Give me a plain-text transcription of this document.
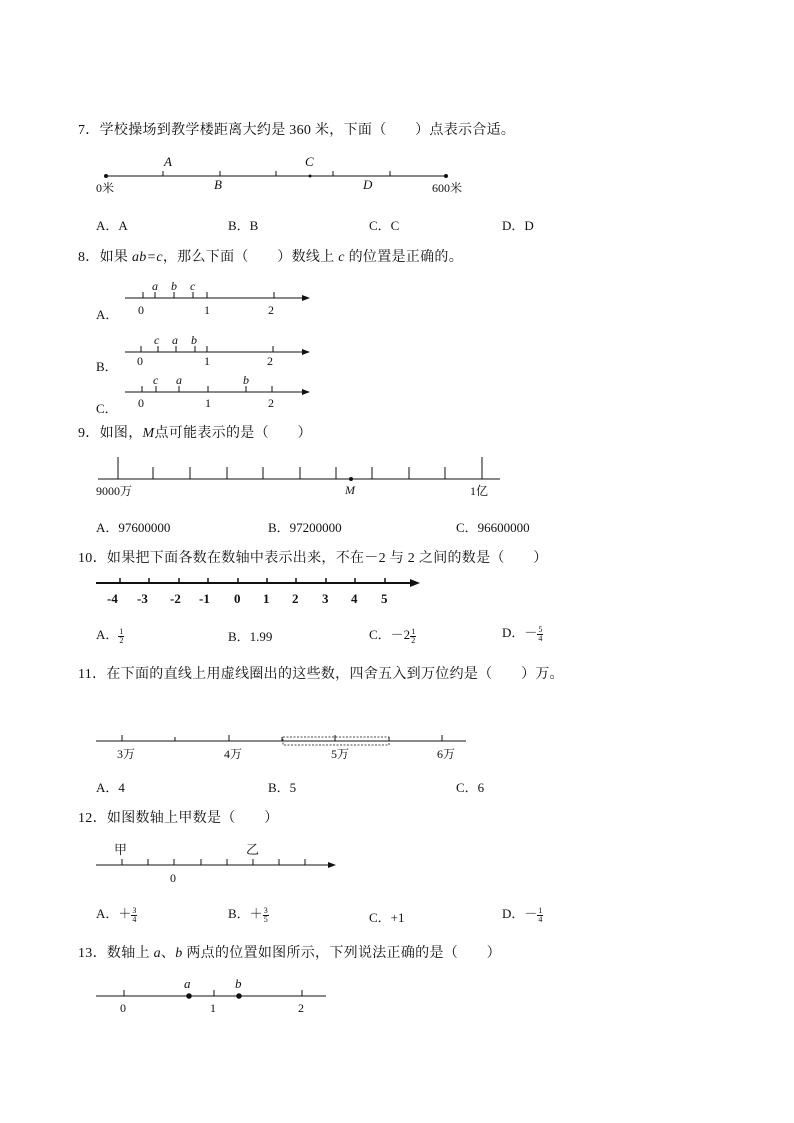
7．学校操场到教学楼距离大约是 360 米，下面（　　）点表示合适。
0米	600米
A	C
B	D
A．A	B．B	C．C	D．D
8．如果 ab=c，那么下面（　　）数线上 c 的位置是正确的。
A．
B．
C．
a b c
0	1	2
c a b
0	1	2
c a	b
0	1	2
9．如图，M点可能表示的是（　　）
9000万	M	1亿
A．97600000	B．97200000	C．96600000
10．如果把下面各数在数轴中表示出来，不在－2 与 2 之间的数是（　　）
-4 -3 -2 -1 0 1 2 3 4 5
A． $\frac{1}{2}$	B．1.99	C．$-2 \frac{1}{2}$	D．－ $\frac{5}{4}$
11．在下面的直线上用虚线圈出的这些数，四舍五入到万位约是（　　）万。
3万	4万	5万	6万
A．4	B．5	C．6
12．如图数轴上甲数是（　　）
甲	乙
0
A．＋ $\frac{3}{4}$	B．＋ $\frac{3}{5}$	C．+1	D．－ $\frac{1}{4}$
13．数轴上 a、b 两点的位置如图所示，下列说法正确的是（　　）
a	b
0	1	2
